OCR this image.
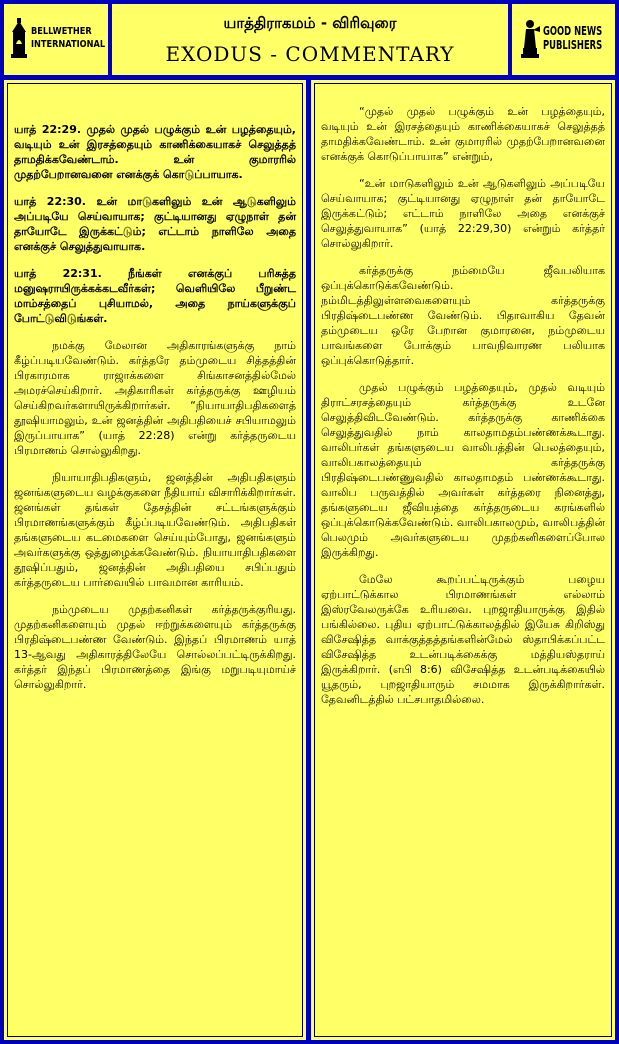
BELLWETHER
INTERNATIONAL
யாத்திராகமம் - விரிவுரை
EXODUS - COMMENTARY
GOOD NEWS
PUBLISHERS

யாத் 22:29. முதல் முதல் பழுக்கும் உன் பழத்தையும், வடியும் உன் இரசத்தையும் காணிக்கையாகச் செலுத்தத் தாமதிக்கவேண்டாம். உன் குமாரரில் முதற்பேறானவனை எனக்குக் கொடுப்பாயாக.

யாத் 22:30. உன் மாடுகளிலும் உன் ஆடுகளிலும் அப்படியே செய்வாயாக; குட்டியானது ஏழுநாள் தன் தாயோடே இருக்கட்டும்; எட்டாம் நாளிலே அதை எனக்குச் செலுத்துவாயாக.

யாத் 22:31. நீங்கள் எனக்குப் பரிசுத்த மனுஷராயிருக்கக்கடவீர்கள்; வெளியிலே பீறுண்ட மாம்சத்தைப் புசியாமல், அதை நாய்களுக்குப் போட்டுவிடுங்கள்.

நமக்கு மேலான அதிகாரங்களுக்கு நாம் கீழ்ப்படியவேண்டும். கர்த்தரே தம்முடைய சித்தத்தின் பிரகாரமாக ராஜாக்களை சிங்காசனத்தில்மேல் அமரச்செய்கிறார். அதிகாரிகள் கர்த்தருக்கு ஊழியம் செய்கிறவர்களாயிருக்கிறார்கள். “நியாயாதிபதிகளைத் தூஷியாமலும், உன் ஜனத்தின் அதிபதியைச் சபியாமலும் இருப்பாயாக” (யாத் 22:28) என்று கர்த்தருடைய பிரமாணம் சொல்லுகிறது.

நியாயாதிபதிகளும், ஜனத்தின் அதிபதிகளும் ஜனங்களுடைய வழக்குகளை நீதியாய் விசாரிக்கிறார்கள். ஜனங்கள் தங்கள் தேசத்தின் சட்டங்களுக்கும் பிரமாணங்களுக்கும் கீழ்ப்படியவேண்டும். அதிபதிகள் தங்களுடைய கடமைகளை செய்யும்போது, ஜனங்களும் அவர்களுக்கு ஒத்துழைக்கவேண்டும். நியாயாதிபதிகளை தூஷிப்பதும், ஜனத்தின் அதிபதியை சபிப்பதும் கர்த்தருடைய பார்வையில் பாவமான காரியம்.

நம்முடைய முதற்கனிகள் கர்த்தருக்குரியது. முதற்கனிகளையும் முதல் ஈற்றுக்களையும் கர்த்தருக்கு பிரதிஷ்டைபண்ண வேண்டும். இந்தப் பிரமாணம் யாத் 13-ஆவது அதிகாரத்திலேயே சொல்லப்பட்டிருக்கிறது. கர்த்தர் இந்தப் பிரமாணத்தை இங்கு மறுபடியுமாய்ச் சொல்லுகிறார்.

“முதல் முதல் பழுக்கும் உன் பழத்தையும், வடியும் உன் இரசத்தையும் காணிக்கையாகச் செலுத்தத் தாமதிக்கவேண்டாம். உன் குமாரரில் முதற்பேறானவனை எனக்குக் கொடுப்பாயாக” என்றும்,

“உன் மாடுகளிலும் உன் ஆடுகளிலும் அப்படியே செய்வாயாக; குட்டியானது ஏழுநாள் தன் தாயோடே இருக்கட்டும்; எட்டாம் நாளிலே அதை எனக்குச் செலுத்துவாயாக” (யாத் 22:29,30) என்றும் கர்த்தர் சொல்லுகிறார்.

கர்த்தருக்கு நம்மையே ஜீவபலியாக ஒப்புக்கொடுக்கவேண்டும். நம்மிடத்திலுள்ளவைகளையும் கர்த்தருக்கு பிரதிஷ்டைபண்ண வேண்டும். பிதாவாகிய தேவன் தம்முடைய ஒரே பேறான குமாரனை, நம்முடைய பாவங்களை போக்கும் பாவநிவாரண பலியாக ஒப்புக்கொடுத்தார்.

முதல் பழுக்கும் பழத்தையும், முதல் வடியும் திராட்சரசத்தையும் கர்த்தருக்கு உடனே செலுத்திவிடவேண்டும். கர்த்தருக்கு காணிக்கை செலுத்துவதில் நாம் காலதாமதம்பண்ணக்கூடாது. வாலிபர்கள் தங்களுடைய வாலிபத்தின் பெலத்தையும், வாலிபகாலத்தையும் கர்த்தருக்கு பிரதிஷ்டைபண்ணுவதில் காலதாமதம் பண்ணக்கூடாது. வாலிப பருவத்தில் அவர்கள் கர்த்தரை நினைத்து, தங்களுடைய ஜீவியத்தை கர்த்தருடைய கரங்களில் ஒப்புக்கொடுக்கவேண்டும். வாலிபகாலமும், வாலிபத்தின் பெலமும் அவர்களுடைய முதற்கனிகளைப்போல இருக்கிறது.

மேலே கூறப்பட்டிருக்கும் பழைய ஏற்பாட்டுக்கால பிரமாணங்கள் எல்லாம் இஸ்ரவேலருக்கே உரியவை. புறஜாதியாருக்கு இதில் பங்கில்லை. புதிய ஏற்பாட்டுக்காலத்தில் இயேசு கிறிஸ்து விசேஷித்த வாக்குத்தத்தங்களின்மேல் ஸ்தாபிக்கப்பட்ட விசேஷித்த உடன்படிக்கைக்கு மத்தியஸ்தராய் இருக்கிறார். (எபி 8:6) விசேஷித்த உடன்படிக்கையில் யூதரும், புறஜாதியாரும் சமமாக இருக்கிறார்கள். தேவனிடத்தில் பட்சபாதமில்லை.
